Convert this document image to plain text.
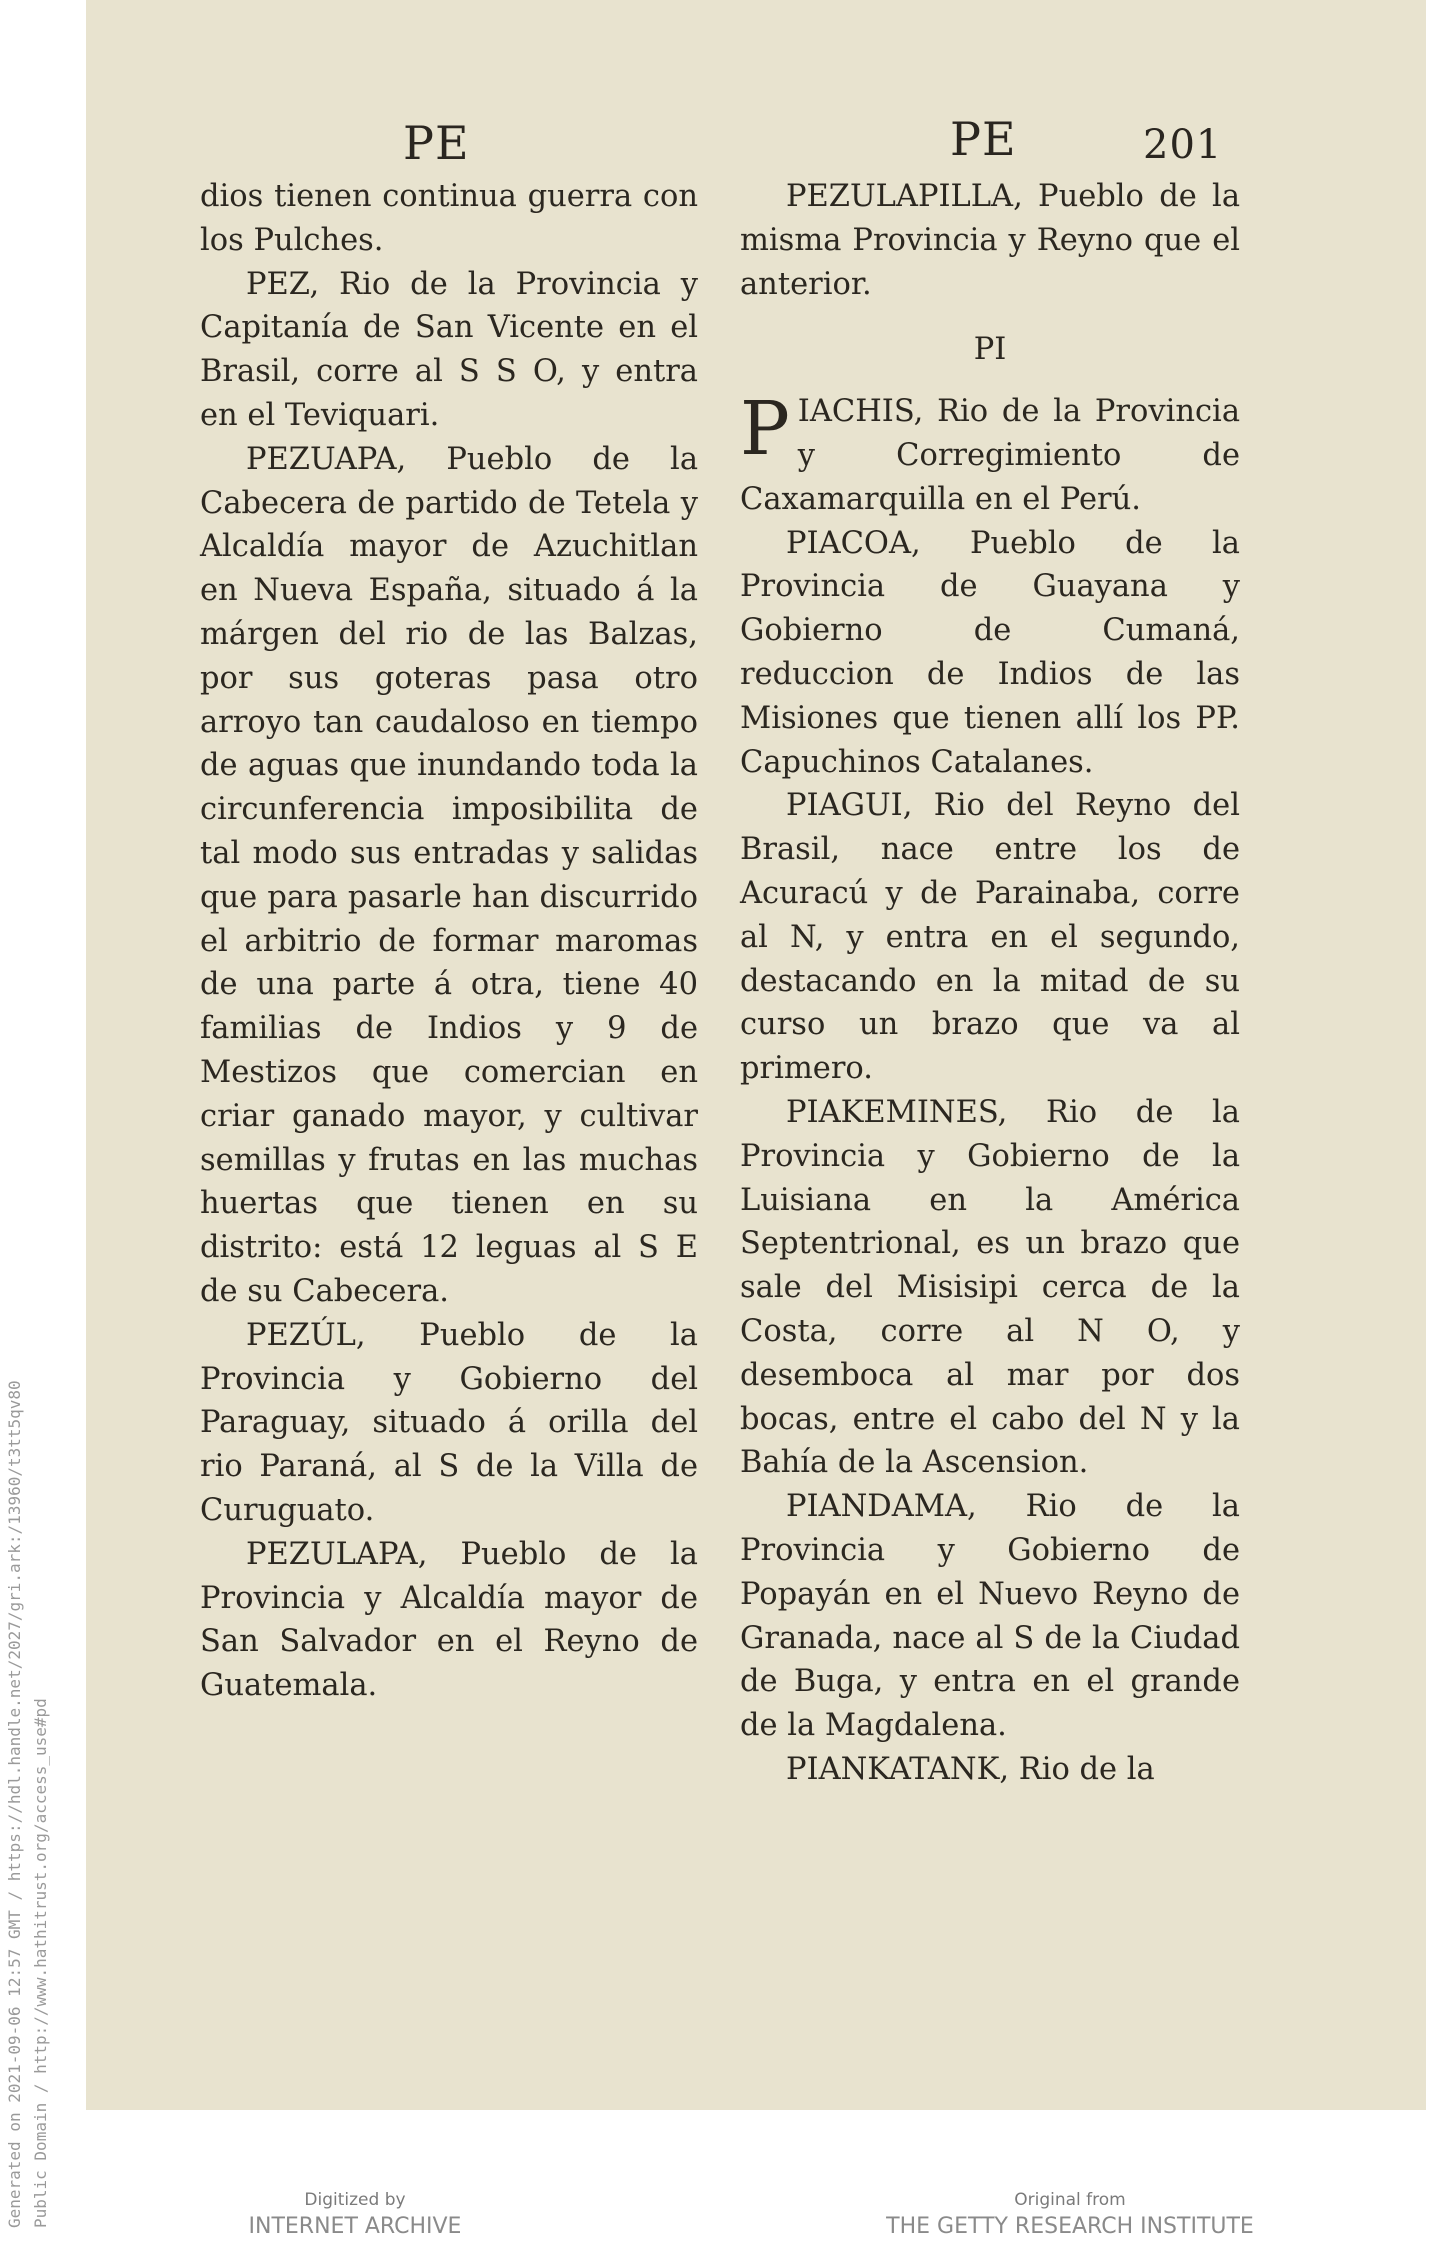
Generated on 2021-09-06 12:57 GMT / https://hdl.handle.net/2027/gri.ark:/13960/t3tt5qv80 Public Domain / http://www.hathitrust.org/access_use#pd
PE	PE	201

dios tienen continua guerra con los Pulches.

PEZ, Rio de la Provincia y Capitanía de San Vicente en el Brasil, corre al S S O, y entra en el Teviquari.

PEZUAPA, Pueblo de la Cabecera de partido de Tetela y Alcaldía mayor de Azuchitlan en Nueva España, situado á la márgen del rio de las Balzas, por sus goteras pasa otro arroyo tan caudaloso en tiempo de aguas que inundando toda la circunferencia imposibilita de tal modo sus entradas y salidas que para pasarle han discurrido el arbitrio de formar maromas de una parte á otra, tiene 40 familias de Indios y 9 de Mestizos que comercian en criar ganado mayor, y cultivar semillas y frutas en las muchas huertas que tienen en su distrito: está 12 leguas al S E de su Cabecera.

PEZÚL, Pueblo de la Provincia y Gobierno del Paraguay, situado á orilla del rio Paraná, al S de la Villa de Curuguato.

PEZULAPA, Pueblo de la Provincia y Alcaldía mayor de San Salvador en el Reyno de Guatemala.

PEZULAPILLA, Pueblo de la misma Provincia y Reyno que el anterior.

PI

PIACHIS, Rio de la Provincia y Corregimiento de Caxamarquilla en el Perú.

PIACOA, Pueblo de la Provincia de Guayana y Gobierno de Cumaná, reduccion de Indios de las Misiones que tienen allí los PP. Capuchinos Catalanes.

PIAGUI, Rio del Reyno del Brasil, nace entre los de Acuracú y de Parainaba, corre al N, y entra en el segundo, destacando en la mitad de su curso un brazo que va al primero.

PIAKEMINES, Rio de la Provincia y Gobierno de la Luisiana en la América Septentrional, es un brazo que sale del Misisipi cerca de la Costa, corre al N O, y desemboca al mar por dos bocas, entre el cabo del N y la Bahía de la Ascension.

PIANDAMA, Rio de la Provincia y Gobierno de Popayán en el Nuevo Reyno de Granada, nace al S de la Ciudad de Buga, y entra en el grande de la Magdalena.

PIANKATANK, Rio de la

Digitized by
INTERNET ARCHIVE
Original from
THE GETTY RESEARCH INSTITUTE
